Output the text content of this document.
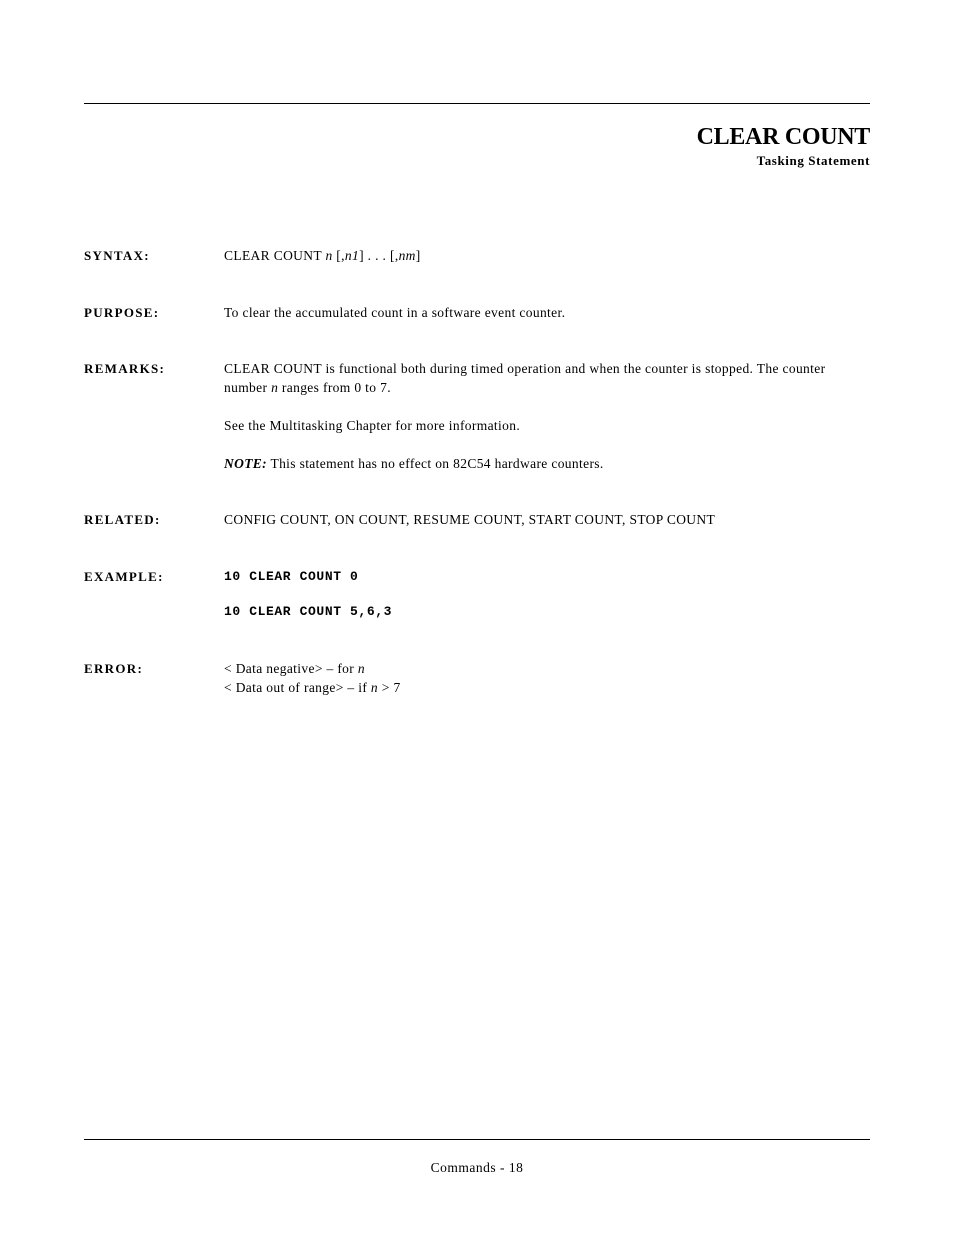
CLEAR COUNT
Tasking Statement
SYNTAX:	CLEAR COUNT n [,n1] . . . [,nm]
PURPOSE:	To clear the accumulated count in a software event counter.
REMARKS:	CLEAR COUNT is functional both during timed operation and when the counter is stopped. The counter number n ranges from 0 to 7.

See the Multitasking Chapter for more information.

NOTE: This statement has no effect on 82C54 hardware counters.

RELATED:	CONFIG COUNT, ON COUNT, RESUME COUNT, START COUNT, STOP COUNT
EXAMPLE:	10 CLEAR COUNT 0

10 CLEAR COUNT 5,6,3

ERROR:	< Data negative> – for n

< Data out of range> – if n > 7

Commands - 18
